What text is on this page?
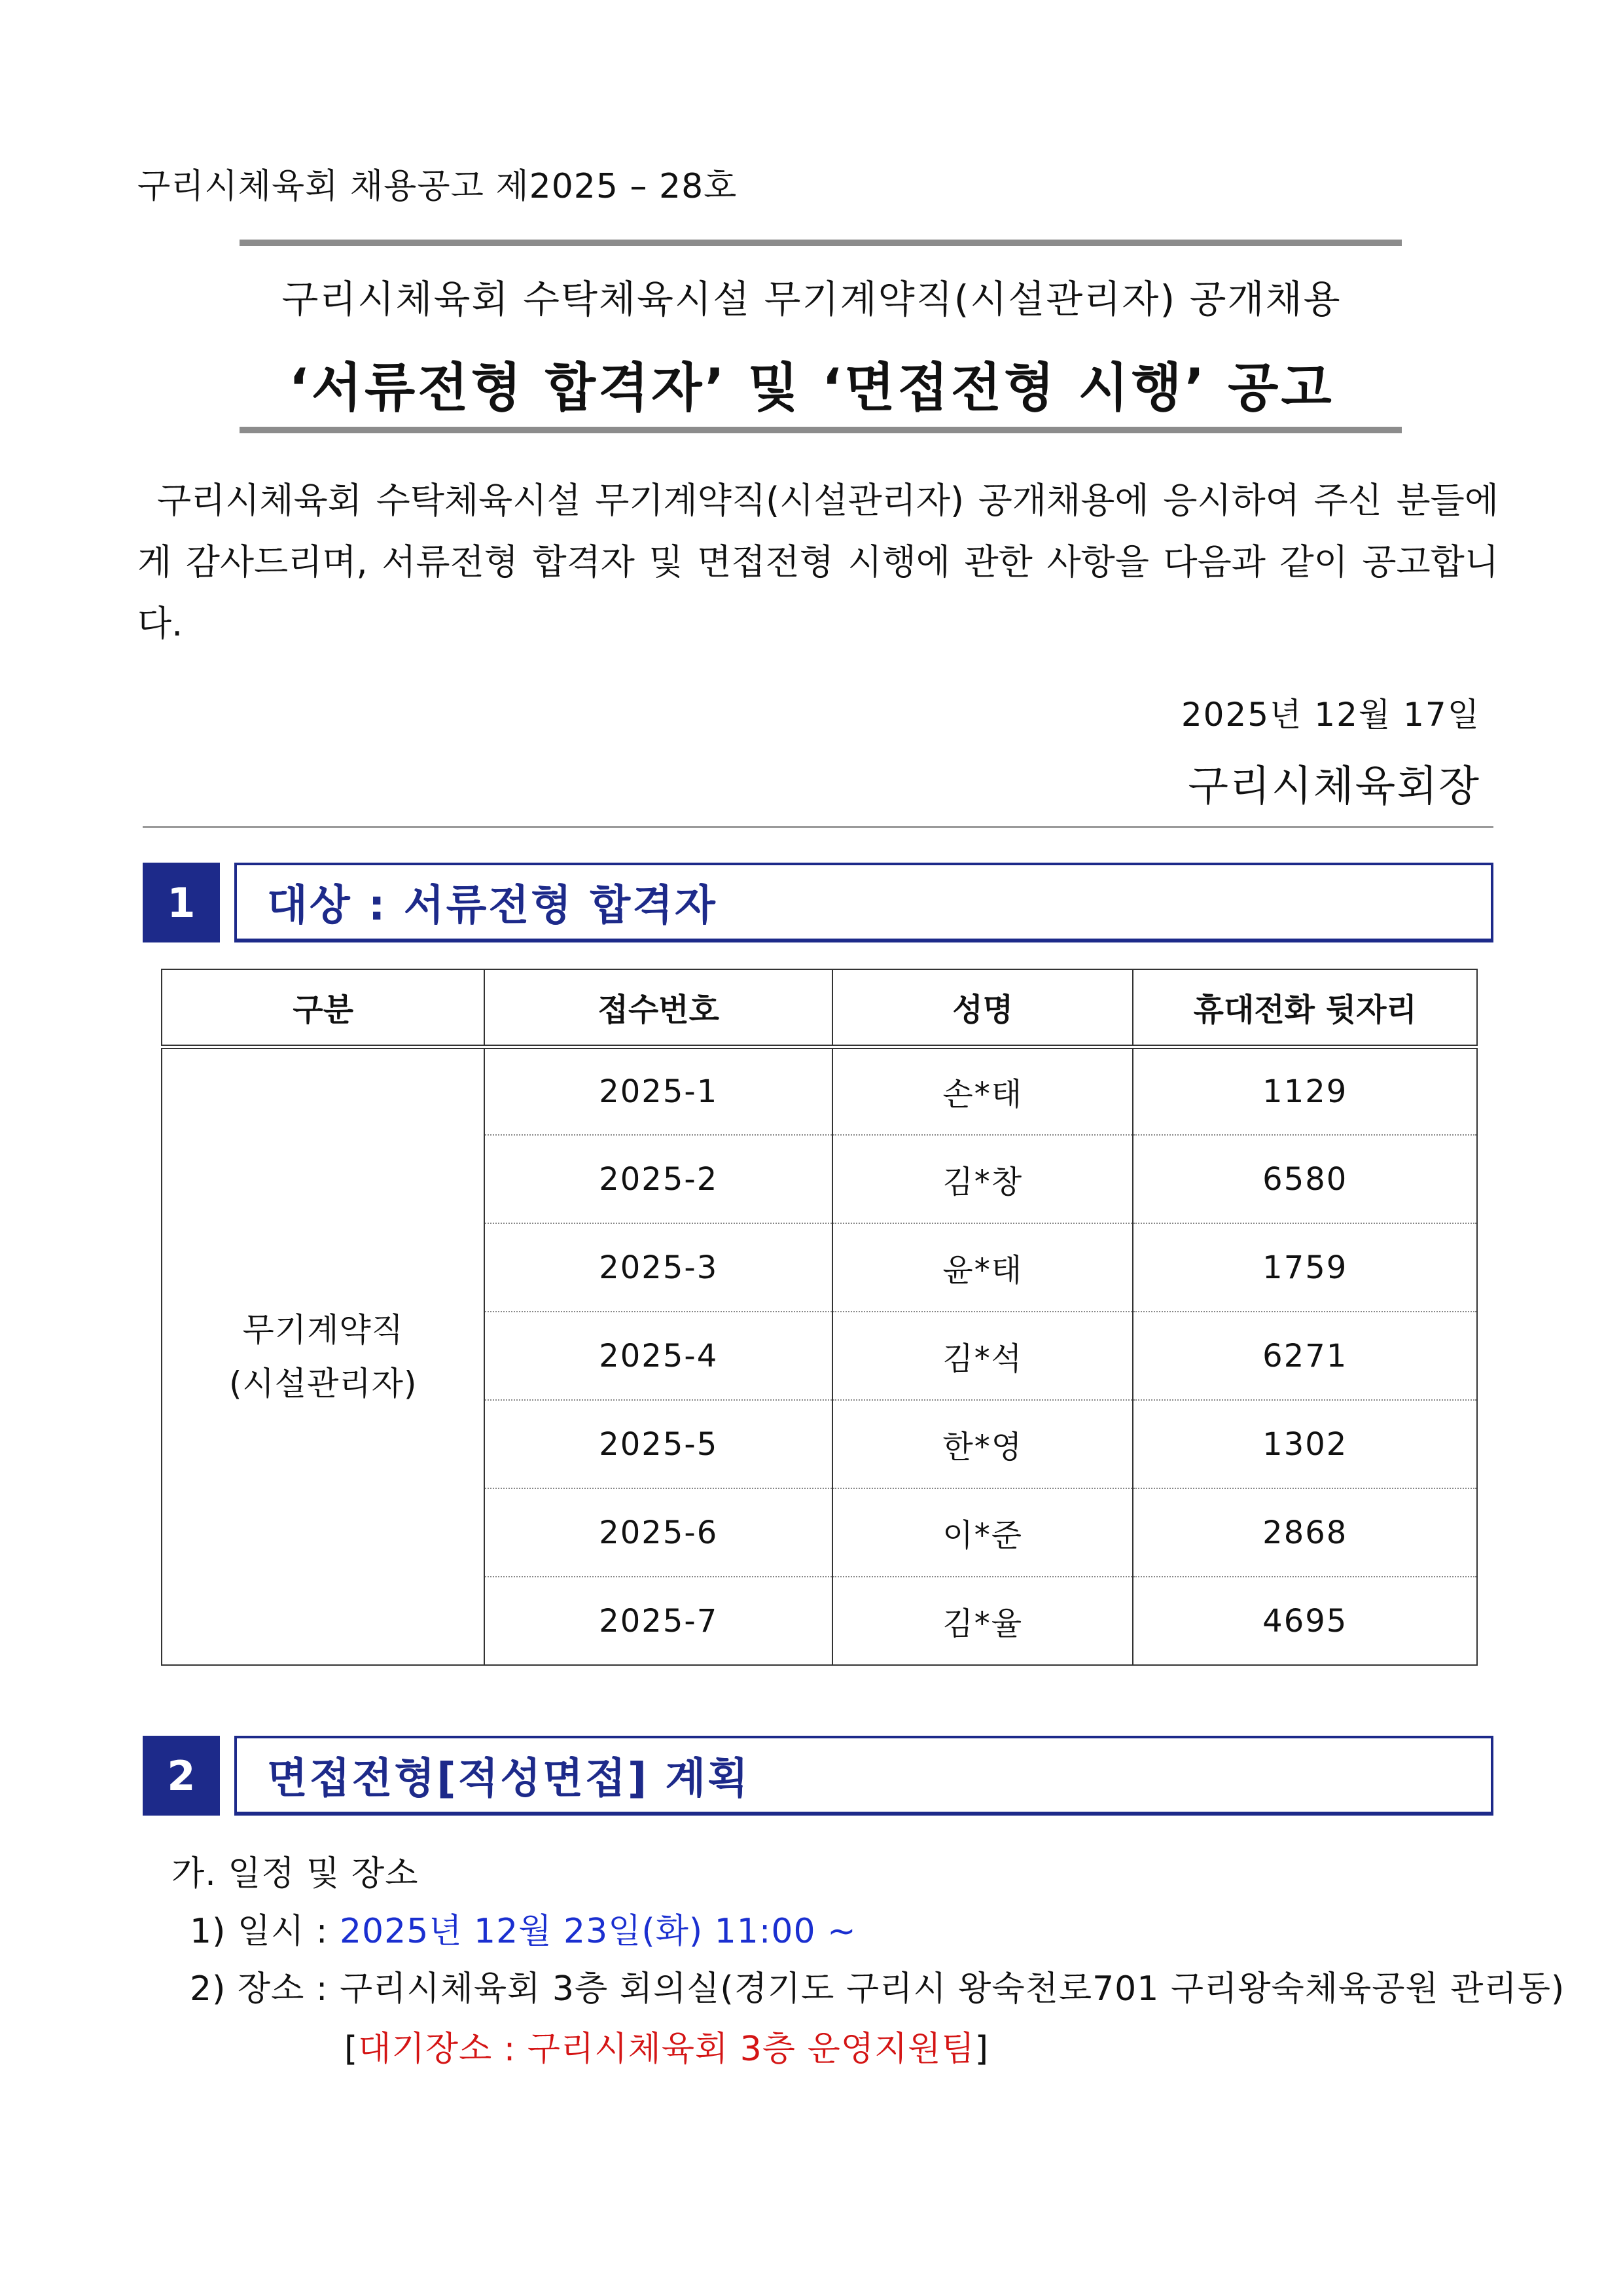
구리시체육회 채용공고 제2025 – 28호
구리시체육회 수탁체육시설 무기계약직(시설관리자) 공개채용
‘서류전형 합격자’ 및 ‘면접전형 시행’ 공고

구리시체육회 수탁체육시설 무기계약직(시설관리자) 공개채용에 응시하여 주신 분들에게 감사드리며, 서류전형 합격자 및 면접전형 시행에 관한 사항을 다음과 같이 공고합니다.

2025년 12월 17일
구리시체육회장
1	대상 : 서류전형 합격자
구분	접수번호	성명	휴대전화 뒷자리

무기계약직
(시설관리자)	2025-1	손*태	1129
	2025-2	김*창	6580
	2025-3	윤*태	1759
	2025-4	김*석	6271
	2025-5	한*영	1302
	2025-6	이*준	2868
	2025-7	김*율	4695
2	면접전형[적성면접] 계획
가. 일정 및 장소
1) 일시 : 2025년 12월 23일(화) 11:00 ~
2) 장소 : 구리시체육회 3층 회의실(경기도 구리시 왕숙천로701 구리왕숙체육공원 관리동)
[대기장소 : 구리시체육회 3층 운영지원팀]
